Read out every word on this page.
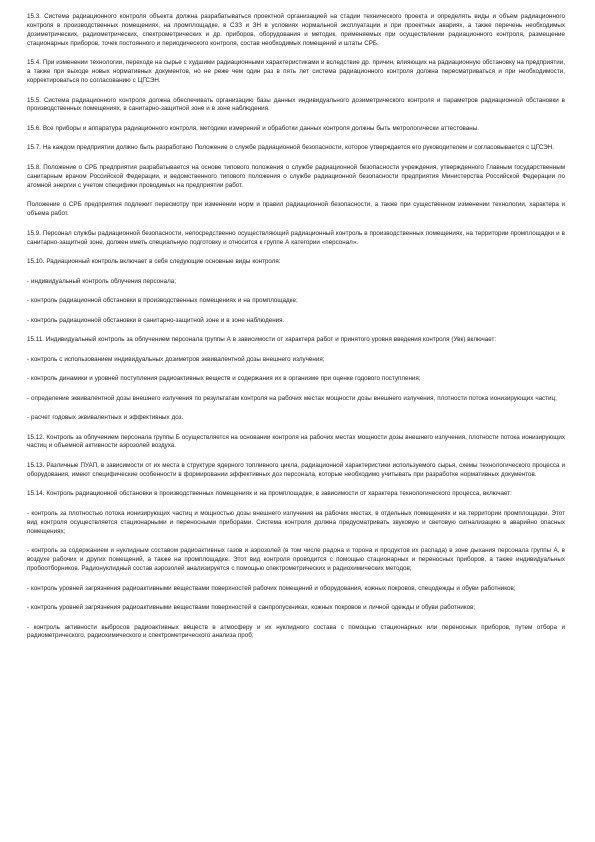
15.3. Система радиационного контроля объекта должна разрабатываться проектной организацией на стадии технического проекта и определять виды и объем радиационного контроля в производственных помещениях, на промплощадке, в СЗЗ и ЗН в условиях нормальной эксплуатации и при проектных авариях, а также перечень необходимых дозиметрических, радиометрических, спектрометрических и др. приборов, оборудования и методик, применяемых при осуществлении радиационного контроля, размещение стационарных приборов, точек постоянного и периодического контроля, состав необходимых помещений и штаты СРБ.

15.4. При изменении технологии, переходе на сырье с худшими радиационными характеристиками и вследствие др. причин, влияющих на радиационную обстановку на предприятии, а также при выходе новых нормативных документов, но не реже чем один раз в пять лет система радиационного контроля должна пересматриваться и при необходимости, корректироваться по согласованию с ЦГСЭН.

15.5. Система радиационного контроля должна обеспечивать организацию базы данных индивидуального дозиметрического контроля и параметров радиационной обстановки в производственных помещениях, в санитарно-защитной зоне и в зоне наблюдения.

15.6. Все приборы и аппаратура радиационного контроля, методики измерений и обработки данных контроля должны быть метрологически аттестованы.

15.7. На каждом предприятии должно быть разработано Положение о службе радиационной безопасности, которое утверждается его руководителем и согласовывается с ЦГСЭН.

15.8. Положение о СРБ предприятия разрабатывается на основе типового положения о службе радиационной безопасности учреждения, утвержденного Главным государственным санитарным врачом Российской Федерации, и ведомственного типового положения о службе радиационной безопасности предприятия Министерства Российской Федерации по атомной энергии с учетом специфики проводимых на предприятии работ.

Положение о СРБ предприятия подлежит пересмотру при изменении норм и правил радиационной безопасности, а также при существенном изменении технологии, характера и объема работ.

15.9. Персонал службы радиационной безопасности, непосредственно осуществляющий радиационный контроль в производственных помещениях, на территории промплощадки и в санитарно-защитной зоне, должен иметь специальную подготовку и относится к группе А категории «персонал».

15.10. Радиационный контроль включает в себя следующие основные виды контроля:

- индивидуальный контроль облучения персонала;

- контроль радиационной обстановки в производственных помещениях и на промплощадке;

- контроль радиационной обстановки в санитарно-защитной зоне и в зоне наблюдения.

15.11. Индивидуальный контроль за облучением персонала группы А в зависимости от характера работ и принятого уровня введения контроля (Увк) включает:

- контроль с использованием индивидуальных дозиметров эквивалентной дозы внешнего излучения;

- контроль динамики и уровней поступления радиоактивных веществ и содержания их в организме при оценке годового поступления;

- определение эквивалентной дозы внешнего излучения по результатам контроля на рабочих местах мощности дозы внешнего излучения, плотности потока ионизирующих частиц;

- расчет годовых эквивалентных и эффективных доз.

15.12. Контроль за облучением персонала группы Б осуществляется на основании контроля на рабочих местах мощности дозы внешнего излучения, плотности потока ионизирующих частиц и объемной активности аэрозолей воздуха.

15.13. Различные ПУАП, в зависимости от их места в структуре ядерного топливного цикла, радиационной характеристики используемого сырья, схемы технологического процесса и оборудования, имеют специфические особенности в формировании эффективных доз персонала, которые необходимо учитывать при разработке нормативных документов.

15.14. Контроль радиационной обстановки в производственных помещениях и на промплощадке, в зависимости от характера технологического процесса, включает:

- контроль за плотностью потока ионизирующих частиц и мощностью дозы внешнего излучения на рабочих местах, в отдельных помещениях и на территории промплощадки. Этот вид контроля осуществляется стационарными и переносными приборами. Система контроля должна предусматривать звуковую и световую сигнализацию в аварийно опасных помещениях;

- контроль за содержанием и нуклидным составом радиоактивных газов и аэрозолей (в том числе радона и торона и продуктов их распада) в зоне дыхания персонала группы А, в воздухе рабочих и других помещений, а также на промплощадке. Этот вид контроля проводится с помощью стационарных и переносных приборов, а также индивидуальных пробоотборников. Радионуклидный состав аэрозолей анализируется с помощью спектрометрических и радиохимических методов;

- контроль уровней загрязнения радиоактивными веществами поверхностей рабочих помещений и оборудования, кожных покровов, спецодежды и обуви работников;

- контроль уровней загрязнения радиоактивными веществами поверхностей в санпропускниках, кожных покровов и личной одежды и обуви работников;

- контроль активности выбросов радиоактивных веществ в атмосферу и их нуклидного состава с помощью стационарных или переносных приборов, путем отбора и радиометрического, радиохимического и спектрометрического анализа проб;
